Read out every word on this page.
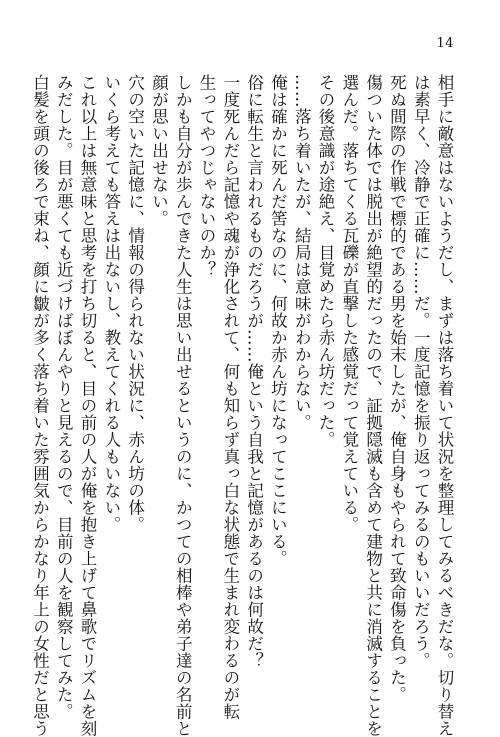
14
相手に敵意はないようだし、まずは落ち着いて状況を整理してみるべきだな。切り替え
は素早く、冷静で正確に……だ。一度記憶を振り返ってみるのもいいだろう。
死ぬ間際の作戦で標的である男を始末したが、俺自身もやられて致命傷を負った。
傷ついた体では脱出が絶望的だったので、証拠隠滅も含めて建物と共に消滅することを
選んだ。落ちてくる瓦礫が直撃した感覚だって覚えている。
その後意識が途絶え、目覚めたら赤ん坊だった。
……落ち着いたが、結局は意味がわからない。
俺は確かに死んだ筈なのに、何故か赤ん坊になってここにいる。
俗に転生と言われるものだろうが……俺という自我と記憶があるのは何故だ？
一度死んだら記憶や魂が浄化されて、何も知らず真っ白な状態で生まれ変わるのが転
生ってやつじゃないのか？
しかも自分が歩んできた人生は思い出せるというのに、かつての相棒や弟子達の名前と
顔が思い出せない。
穴の空いた記憶に、情報の得られない状況に、赤ん坊の体。
いくら考えても答えは出ないし、教えてくれる人もいない。
これ以上は無意味と思考を打ち切ると、目の前の人が俺を抱き上げて鼻歌でリズムを刻
みだした。目が悪くても近づけばぼんやりと見えるので、目前の人を観察してみた。
白髪を頭の後ろで束ね、顔に皺が多く落ち着いた雰囲気からかなり年上の女性だと思う
